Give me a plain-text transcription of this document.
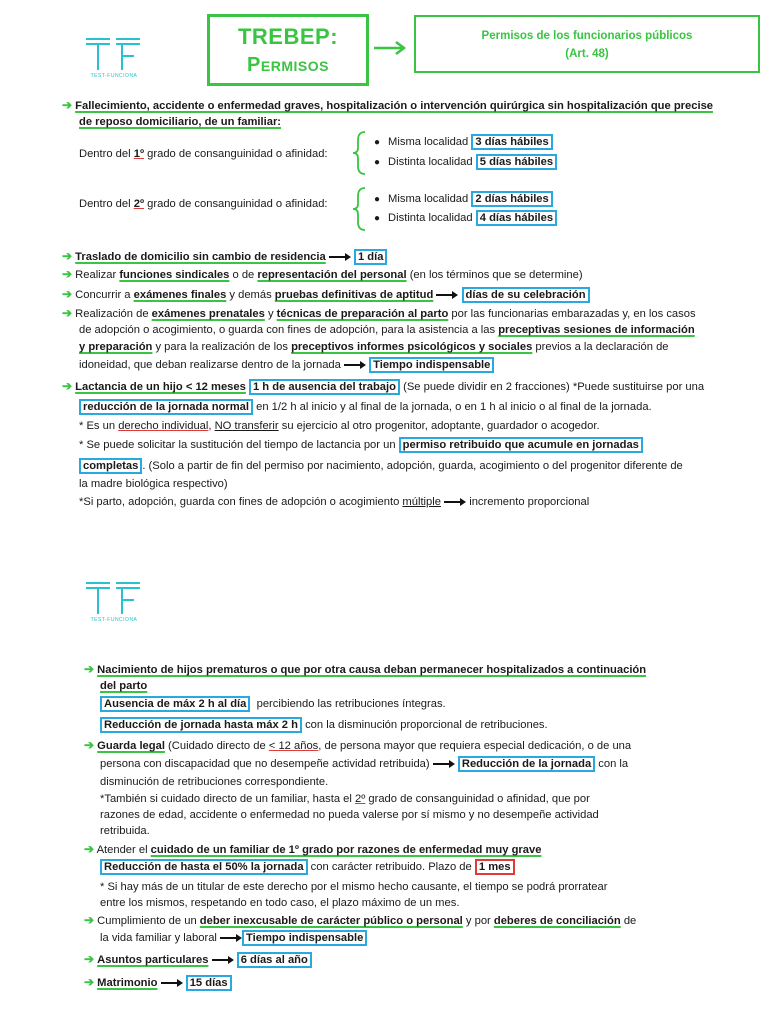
TEST-FUNCIONA
TREBEP:
Permisos
Permisos de los funcionarios públicos
(Art. 48)
➔ Fallecimiento, accidente o enfermedad graves, hospitalización o intervención quirúrgica sin hospitalización que precise
de reposo domiciliario, de un familiar:
Dentro del 1º grado de consanguinidad o afinidad:
● Misma localidad 3 días hábiles
● Distinta localidad 5 días hábiles
Dentro del 2º grado de consanguinidad o afinidad:	● Misma localidad 2 días hábiles
● Distinta localidad 4 días hábiles
➔ Traslado de domicilio sin cambio de residencia	1 día
➔ Realizar funciones sindicales o de representación del personal (en los términos que se determine)
➔ Concurrir a exámenes finales y demás pruebas definitivas de aptitud	días de su celebración
➔ Realización de exámenes prenatales y técnicas de preparación al parto por las funcionarias embarazadas y, en los casos
de adopción o acogimiento, o guarda con fines de adopción, para la asistencia a las preceptivas sesiones de información
y preparación y para la realización de los preceptivos informes psicológicos y sociales previos a la declaración de
idoneidad, que deban realizarse dentro de la jornada	Tiempo indispensable
➔ Lactancia de un hijo < 12 meses 1 h de ausencia del trabajo (Se puede dividir en 2 fracciones) *Puede sustituirse por una
reducción de la jornada normal en 1/2 h al inicio y al final de la jornada, o en 1 h al inicio o al final de la jornada.
* Es un derecho individual, NO transferir su ejercicio al otro progenitor, adoptante, guardador o acogedor.
* Se puede solicitar la sustitución del tiempo de lactancia por un permiso retribuido que acumule en jornadas
completas . (Solo a partir de fin del permiso por nacimiento, adopción, guarda, acogimiento o del progenitor diferente de
la madre biológica respectivo)
*Si parto, adopción, guarda con fines de adopción o acogimiento múltiple	incremento proporcional
TEST-FUNCIONA
➔ Nacimiento de hijos prematuros o que por otra causa deban permanecer hospitalizados a continuación
del parto
Ausencia de máx 2 h al día percibiendo las retribuciones íntegras.
Reducción de jornada hasta máx 2 h con la disminución proporcional de retribuciones.
➔ Guarda legal (Cuidado directo de < 12 años, de persona mayor que requiera especial dedicación, o de una
persona con discapacidad que no desempeñe actividad retribuida)	Reducción de la jornada con la
disminución de retribuciones correspondiente.
*También si cuidado directo de un familiar, hasta el 2º grado de consanguinidad o afinidad, que por
razones de edad, accidente o enfermedad no pueda valerse por sí mismo y no desempeñe actividad
retribuida.
➔ Atender el cuidado de un familiar de 1º grado por razones de enfermedad muy grave
Reducción de hasta el 50% la jornada con carácter retribuido. Plazo de 1 mes
* Si hay más de un titular de este derecho por el mismo hecho causante, el tiempo se podrá prorratear
entre los mismos, respetando en todo caso, el plazo máximo de un mes.
➔ Cumplimiento de un deber inexcusable de carácter público o personal y por deberes de conciliación de
la vida familiar y laboral	Tiempo indispensable
➔ Asuntos particulares	6 días al año
➔ Matrimonio	15 días
